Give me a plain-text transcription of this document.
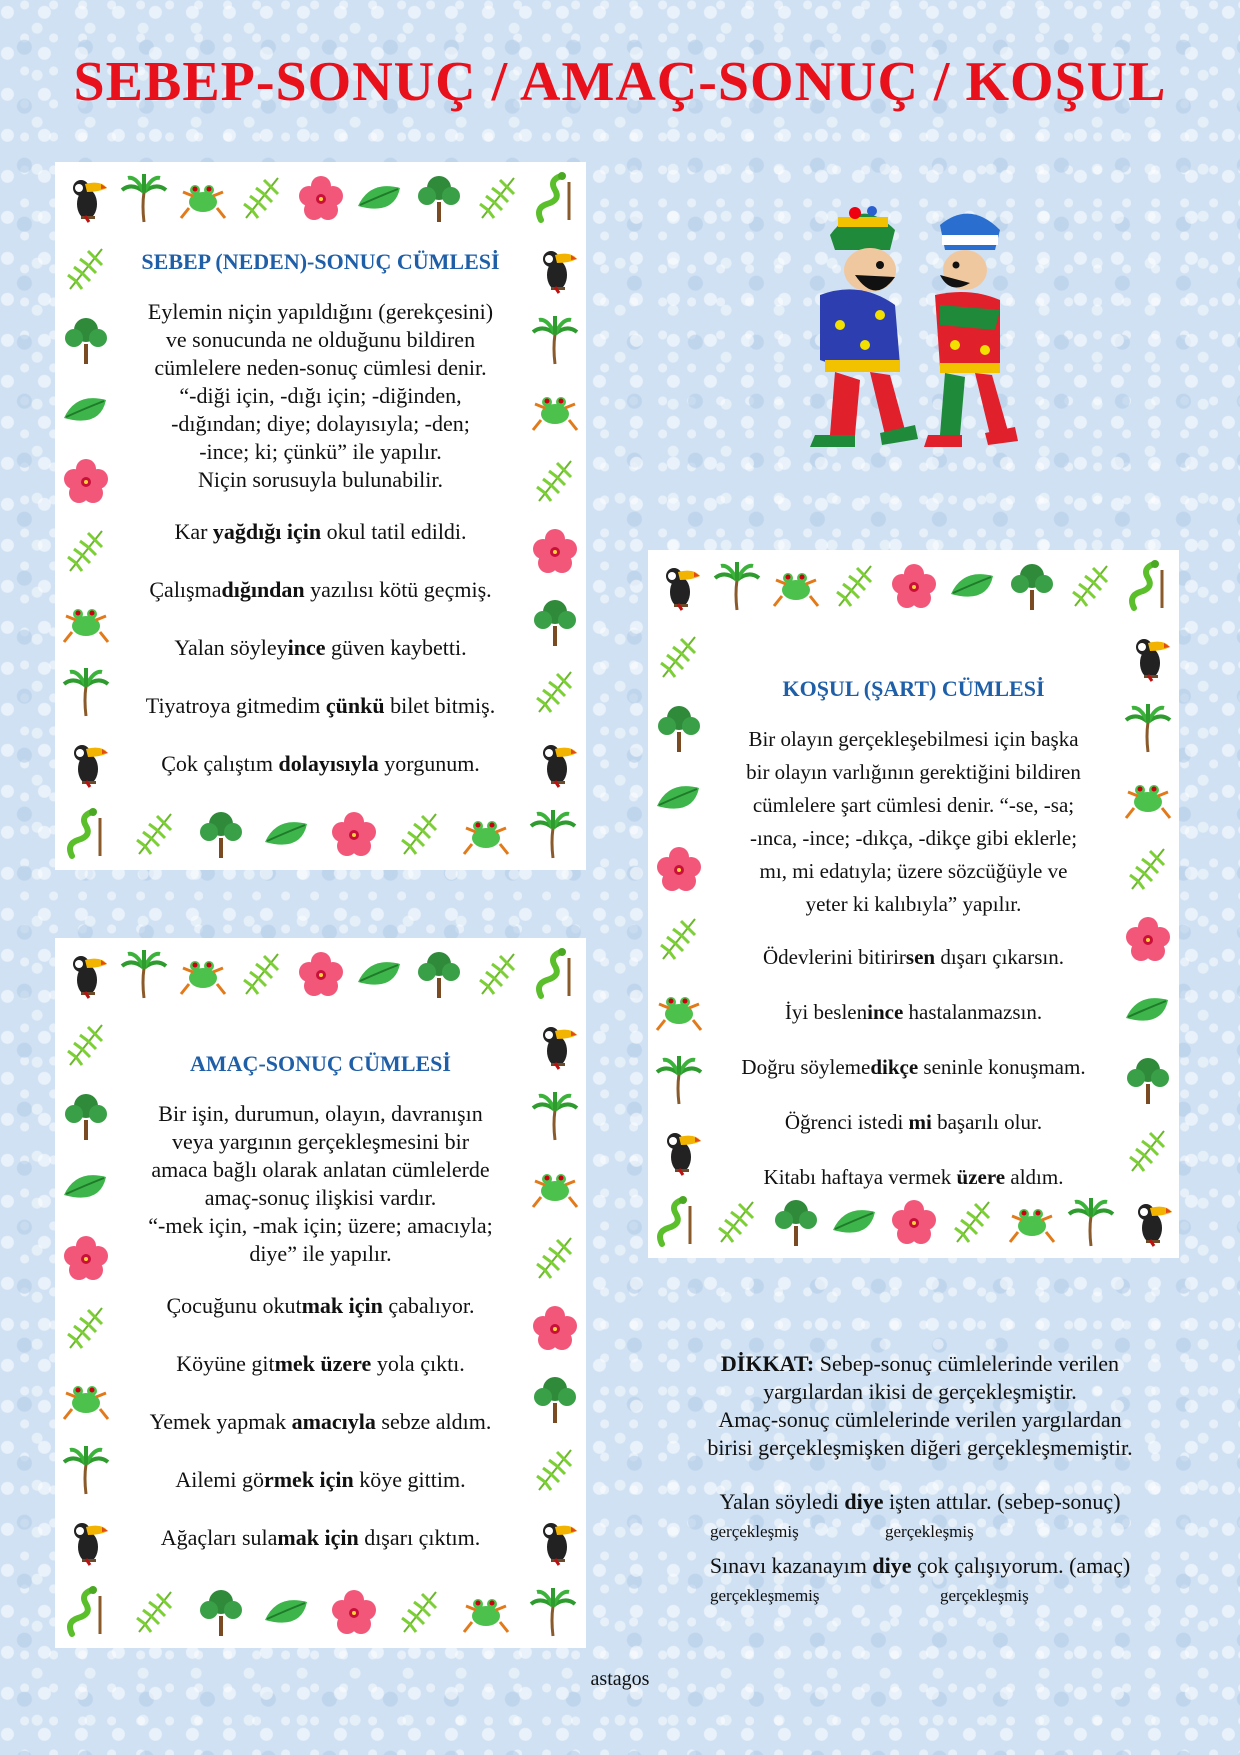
SEBEP-SONUÇ / AMAÇ-SONUÇ / KOŞUL
SEBEP (NEDEN)-SONUÇ CÜMLESİ
Eylemin niçin yapıldığını (gerekçesini)
ve sonucunda ne olduğunu bildiren
cümlelere neden-sonuç cümlesi denir.
“-diği için, -dığı için; -diğinden,
-dığından; diye; dolayısıyla; -den;
-ince; ki; çünkü” ile yapılır.
Niçin sorusuyla bulunabilir.
Kar yağdığı için okul tatil edildi.
Çalışmadığından yazılısı kötü geçmiş.
Yalan söyleyince güven kaybetti.
Tiyatroya gitmedim çünkü bilet bitmiş.
Çok çalıştım dolayısıyla yorgunum.
AMAÇ-SONUÇ CÜMLESİ
Bir işin, durumun, olayın, davranışın
veya yargının gerçekleşmesini bir
amaca bağlı olarak anlatan cümlelerde
amaç-sonuç ilişkisi vardır.
“-mek için, -mak için; üzere; amacıyla;
diye” ile yapılır.
Çocuğunu okutmak için çabalıyor.
Köyüne gitmek üzere yola çıktı.
Yemek yapmak amacıyla sebze aldım.
Ailemi görmek için köye gittim.
Ağaçları sulamak için dışarı çıktım.
KOŞUL (ŞART) CÜMLESİ
Bir olayın gerçekleşebilmesi için başka
bir olayın varlığının gerektiğini bildiren
cümlelere şart cümlesi denir. “-se, -sa;
-ınca, -ince; -dıkça, -dikçe gibi eklerle;
mı, mi edatıyla; üzere sözcüğüyle ve
yeter ki kalıbıyla” yapılır.
Ödevlerini bitirirsen dışarı çıkarsın.
İyi beslenince hastalanmazsın.
Doğru söylemedikçe seninle konuşmam.
Öğrenci istedi mi başarılı olur.
Kitabı haftaya vermek üzere aldım.
DİKKAT: Sebep-sonuç cümlelerinde verilen
yargılardan ikisi de gerçekleşmiştir.
Amaç-sonuç cümlelerinde verilen yargılardan
birisi gerçekleşmişken diğeri gerçekleşmemiştir.
Yalan söyledi diye işten attılar. (sebep-sonuç)
gerçekleşmiş	gerçekleşmiş
Sınavı kazanayım diye çok çalışıyorum. (amaç)
gerçekleşmemiş	gerçekleşmiş
astagos
